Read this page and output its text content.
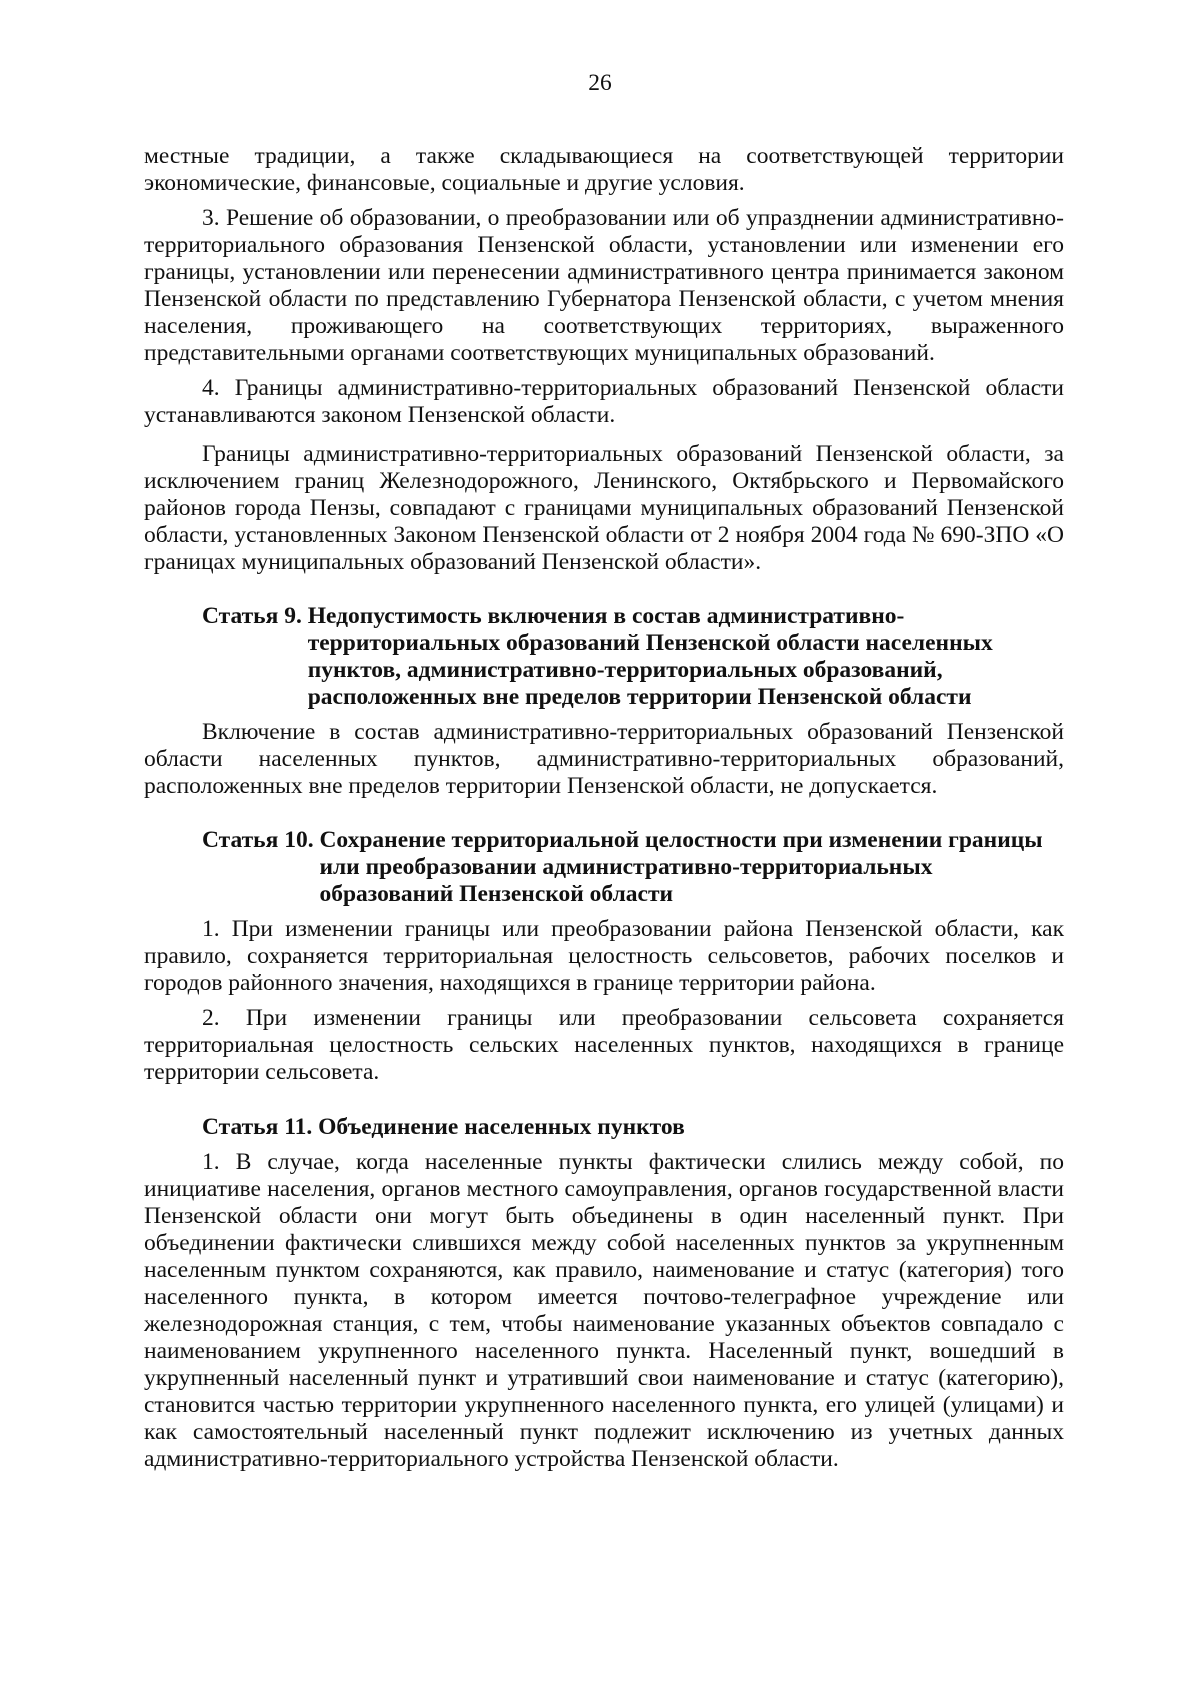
26

местные традиции, а также складывающиеся на соответствующей территории экономические, финансовые, социальные и другие условия.

3. Решение об образовании, о преобразовании или об упразднении административно-территориального образования Пензенской области, установлении или изменении его границы, установлении или перенесении административного центра принимается законом Пензенской области по представлению Губернатора Пензенской области, с учетом мнения населения, проживающего на соответствующих территориях, выраженного представительными органами соответствующих муниципальных образований.

4. Границы административно-территориальных образований Пензенской области устанавливаются законом Пензенской области.

Границы административно-территориальных образований Пензенской области, за исключением границ Железнодорожного, Ленинского, Октябрьского и Первомайского районов города Пензы, совпадают с границами муниципальных образований Пензенской области, установленных Законом Пензенской области от 2 ноября 2004 года № 690-ЗПО «О границах муниципальных образований Пензенской области».

Статья 9. Недопустимость включения в состав административно-территориальных образований Пензенской области населенных пунктов, административно-территориальных образований, расположенных вне пределов территории Пензенской области

Включение в состав административно-территориальных образований Пензенской области населенных пунктов, административно-территориальных образований, расположенных вне пределов территории Пензенской области, не допускается.

Статья 10. Сохранение территориальной целостности при изменении границы или преобразовании административно-территориальных образований Пензенской области

1. При изменении границы или преобразовании района Пензенской области, как правило, сохраняется территориальная целостность сельсоветов, рабочих поселков и городов районного значения, находящихся в границе территории района.

2. При изменении границы или преобразовании сельсовета сохраняется территориальная целостность сельских населенных пунктов, находящихся в границе территории сельсовета.

Статья 11. Объединение населенных пунктов

1. В случае, когда населенные пункты фактически слились между собой, по инициативе населения, органов местного самоуправления, органов государственной власти Пензенской области они могут быть объединены в один населенный пункт. При объединении фактически слившихся между собой населенных пунктов за укрупненным населенным пунктом сохраняются, как правило, наименование и статус (категория) того населенного пункта, в котором имеется почтово-телеграфное учреждение или железнодорожная станция, с тем, чтобы наименование указанных объектов совпадало с наименованием укрупненного населенного пункта. Населенный пункт, вошедший в укрупненный населенный пункт и утративший свои наименование и статус (категорию), становится частью территории укрупненного населенного пункта, его улицей (улицами) и как самостоятельный населенный пункт подлежит исключению из учетных данных административно-территориального устройства Пензенской области.
